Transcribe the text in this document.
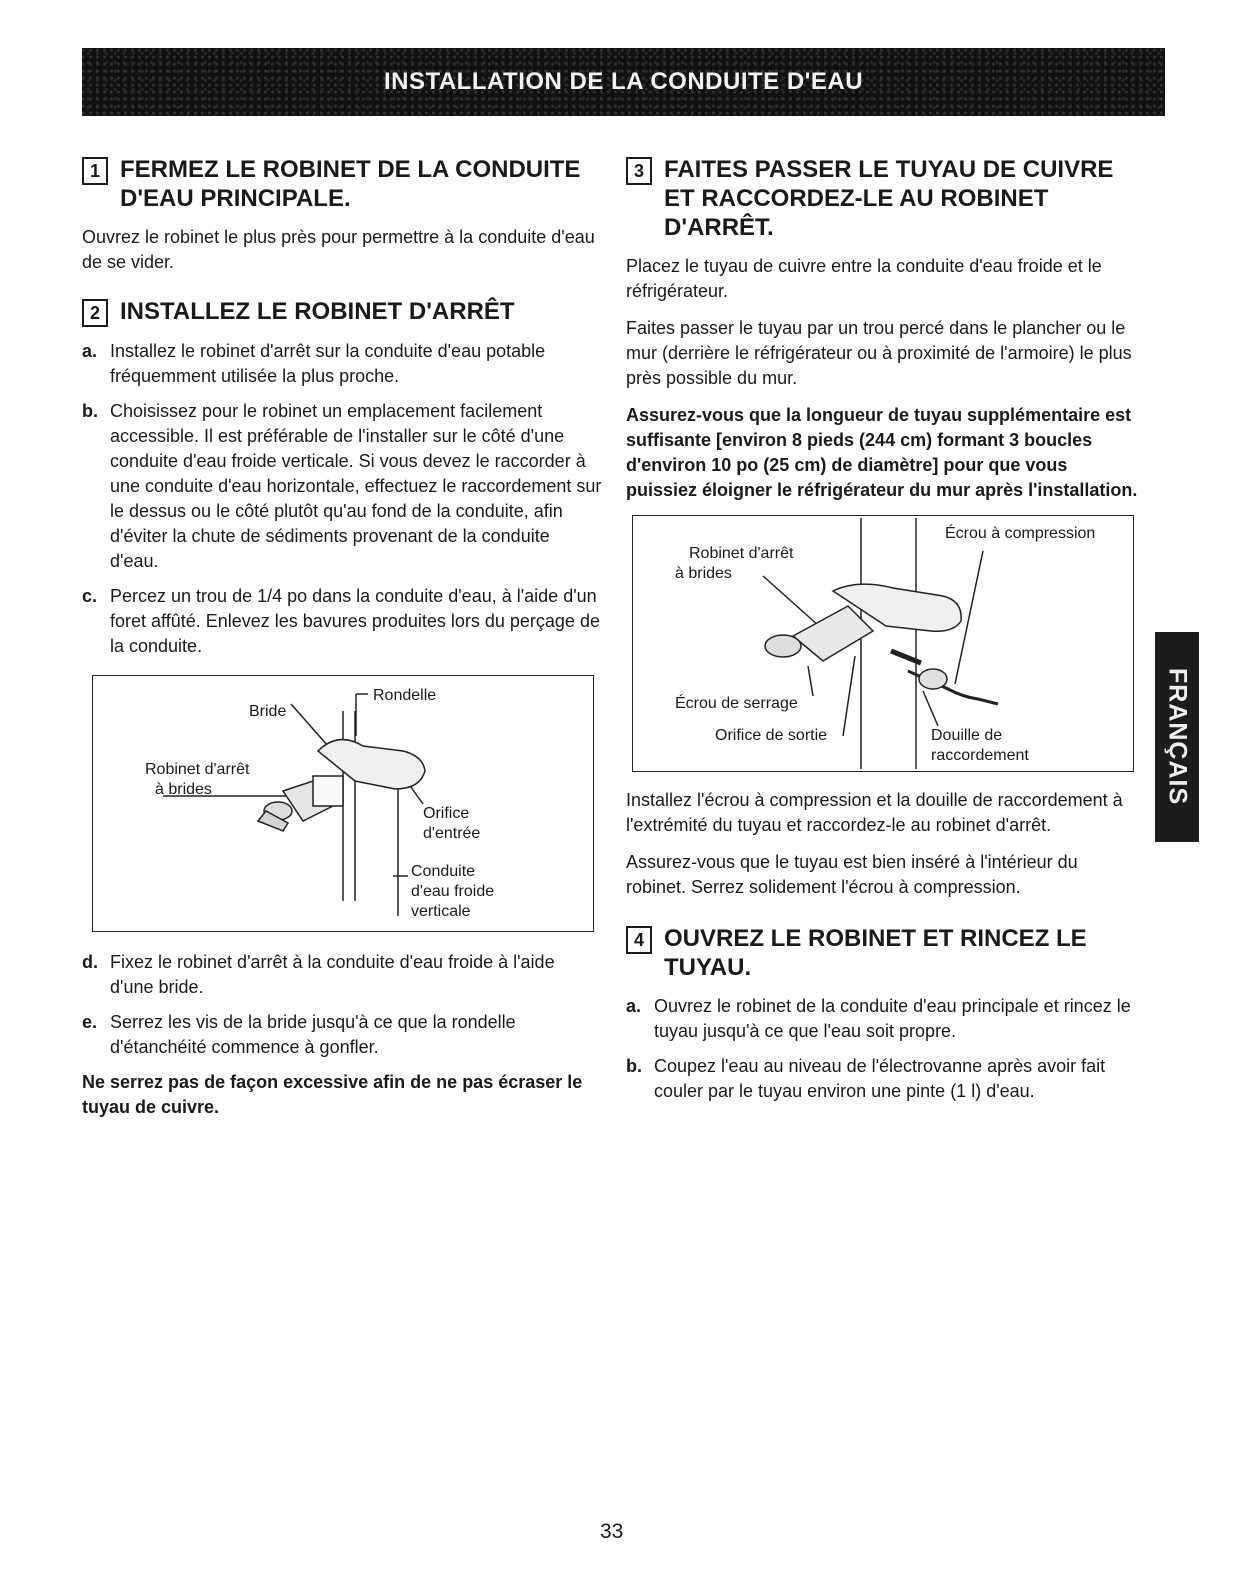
INSTALLATION DE LA CONDUITE D'EAU
1 FERMEZ LE ROBINET DE LA CONDUITE D'EAU PRINCIPALE.

Ouvrez le robinet le plus près pour permettre à la conduite d'eau de se vider.

2 INSTALLEZ LE ROBINET D'ARRÊT
a. Installez le robinet d'arrêt sur la conduite d'eau potable fréquemment utilisée la plus proche.
b. Choisissez pour le robinet un emplacement facilement accessible. Il est préférable de l'installer sur le côté d'une conduite d'eau froide verticale. Si vous devez le raccorder à une conduite d'eau horizontale, effectuez le raccordement sur le dessus ou le côté plutôt qu'au fond de la conduite, afin d'éviter la chute de sédiments provenant de la conduite d'eau.
c. Percez un trou de 1/4 po dans la conduite d'eau, à l'aide d'un foret affûté. Enlevez les bavures produites lors du perçage de la conduite.
Bride
Rondelle
Robinet d'arrêt
à brides
Orifice
d'entrée
Conduite
d'eau froide
verticale
d. Fixez le robinet d'arrêt à la conduite d'eau froide à l'aide d'une bride.
e. Serrez les vis de la bride jusqu'à ce que la rondelle d'étanchéité commence à gonfler.

Ne serrez pas de façon excessive afin de ne pas écraser le tuyau de cuivre.

3 FAITES PASSER LE TUYAU DE CUIVRE ET RACCORDEZ-LE AU ROBINET D'ARRÊT.

Placez le tuyau de cuivre entre la conduite d'eau froide et le réfrigérateur.

Faites passer le tuyau par un trou percé dans le plancher ou le mur (derrière le réfrigérateur ou à proximité de l'armoire) le plus près possible du mur.

Assurez-vous que la longueur de tuyau supplémentaire est suffisante [environ 8 pieds (244 cm) formant 3 boucles d'environ 10 po (25 cm) de diamètre] pour que vous puissiez éloigner le réfrigérateur du mur après l'installation.

Robinet d'arrêt
à brides
Écrou à compression
Écrou de serrage
Orifice de sortie	Douille de
raccordement

Installez l'écrou à compression et la douille de raccordement à l'extrémité du tuyau et raccordez-le au robinet d'arrêt.

Assurez-vous que le tuyau est bien inséré à l'intérieur du robinet. Serrez solidement l'écrou à compression.

4 OUVREZ LE ROBINET ET RINCEZ LE TUYAU.
a. Ouvrez le robinet de la conduite d'eau principale et rincez le tuyau jusqu'à ce que l'eau soit propre.
b. Coupez l'eau au niveau de l'électrovanne après avoir fait couler par le tuyau environ une pinte (1 l) d'eau.
FRANÇAIS
33
